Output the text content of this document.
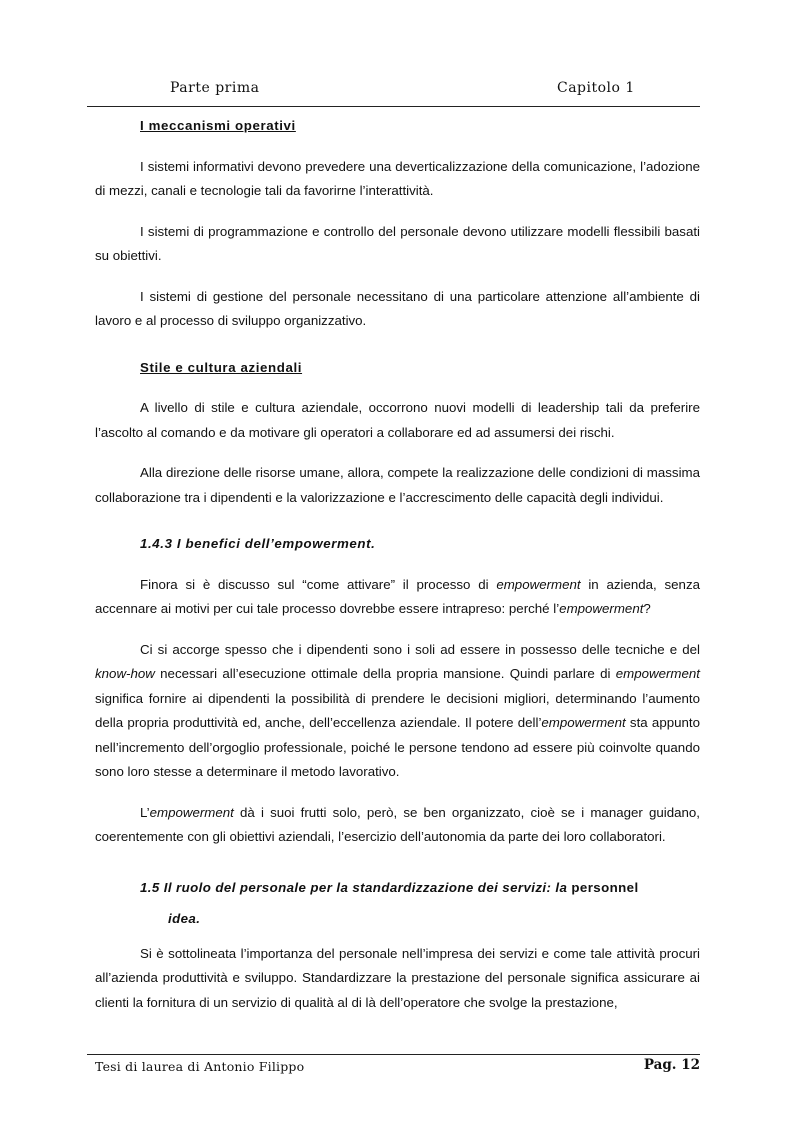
Parte prima	Capitolo 1
I meccanismi operativi

I sistemi informativi devono prevedere una deverticalizzazione della comunicazione, l’adozione di mezzi, canali e tecnologie tali da favorirne l’interattività.

I sistemi di programmazione e controllo del personale devono utilizzare modelli flessibili basati su obiettivi.

I sistemi di gestione del personale necessitano di una particolare attenzione all’ambiente di lavoro e al processo di sviluppo organizzativo.

Stile e cultura aziendali

A livello di stile e cultura aziendale, occorrono nuovi modelli di leadership tali da preferire l’ascolto al comando e da motivare gli operatori a collaborare ed ad assumersi dei rischi.

Alla direzione delle risorse umane, allora, compete la realizzazione delle condizioni di massima collaborazione tra i dipendenti e la valorizzazione e l’accrescimento delle capacità degli individui.

1.4.3 I benefici dell’empowerment.

Finora si è discusso sul “come attivare” il processo di empowerment in azienda, senza accennare ai motivi per cui tale processo dovrebbe essere intrapreso: perché l’empowerment?

Ci si accorge spesso che i dipendenti sono i soli ad essere in possesso delle tecniche e del know-how necessari all’esecuzione ottimale della propria mansione. Quindi parlare di empowerment significa fornire ai dipendenti la possibilità di prendere le decisioni migliori, determinando l’aumento della propria produttività ed, anche, dell’eccellenza aziendale. Il potere dell’empowerment sta appunto nell’incremento dell’orgoglio professionale, poiché le persone tendono ad essere più coinvolte quando sono loro stesse a determinare il metodo lavorativo.

L’empowerment dà i suoi frutti solo, però, se ben organizzato, cioè se i manager guidano, coerentemente con gli obiettivi aziendali, l’esercizio dell’autonomia da parte dei loro collaboratori.

1.5 Il ruolo del personale per la standardizzazione dei servizi: la personnel
idea.

Si è sottolineata l’importanza del personale nell’impresa dei servizi e come tale attività procuri all’azienda produttività e sviluppo. Standardizzare la prestazione del personale significa assicurare ai clienti la fornitura di un servizio di qualità al di là dell’operatore che svolge la prestazione,

Tesi di laurea di Antonio Filippo	Pag. 12
